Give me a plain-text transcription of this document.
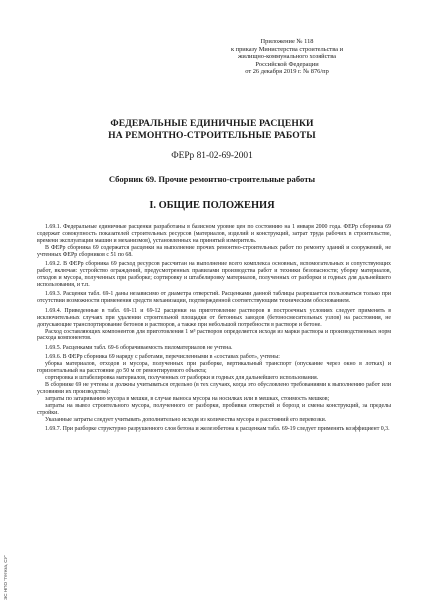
Приложение № 118
к приказу Министерства строительства и
жилищно-коммунального хозяйства
Российской Федерации
от 26 декабря 2019 г. № 876/пр
ФЕДЕРАЛЬНЫЕ ЕДИНИЧНЫЕ РАСЦЕНКИ
НА РЕМОНТНО-СТРОИТЕЛЬНЫЕ РАБОТЫ
ФЕРр 81-02-69-2001
Сборник 69. Прочие ремонтно-строительные работы
I. ОБЩИЕ ПОЛОЖЕНИЯ

1.69.1. Федеральные единичные расценки разработаны в базисном уровне цен по состоянию на 1 января 2000 года. ФЕРр сборника 69 содержат совокупность показателей строительных ресурсов (материалов, изделий и конструкций, затрат труда рабочих в строительстве, времени эксплуатации машин и механизмов), установленных на принятый измеритель.

В ФЕРр сборника 69 содержатся расценки на выполнение прочих ремонтно-строительных работ по ремонту зданий и сооружений, не учтенных ФЕРр сборников с 51 по 68.

1.69.2. В ФЕРр сборника 69 расход ресурсов рассчитан на выполнение всего комплекса основных, вспомогательных и сопутствующих работ, включая: устройство ограждений, предусмотренных правилами производства работ и техники безопасности; уборку материалов, отходов и мусора, полученных при разборке; сортировку и штабелировку материалов, полученных от разборки и годных для дальнейшего использования, и т.п.

1.69.3. Расценки табл. 69-1 даны независимо от диаметра отверстий. Расценками данной таблицы разрешается пользоваться только при отсутствии возможности применения средств механизации, подтвержденной соответствующим техническим обоснованием.

1.69.4. Приведенные в табл. 69-11 и 69-12 расценки на приготовление растворов в построечных условиях следует применять в исключительных случаях при удалении строительной площадки от бетонных заводов (бетоносмесительных узлов) на расстояния, не допускающие транспортирование бетонов и растворов, а также при небольшой потребности в растворе и бетоне.

Расход составляющих компонентов для приготовления 1 м³ растворов определяется исходя из марки раствора и производственных норм расхода компонентов.

1.69.5. Расценками табл. 69-6 оборачиваемость пиломатериалов не учтена.

1.69.6. В ФЕРр сборника 69 наряду с работами, перечисленными в «составах работ», учтены:

уборка материалов, отходов и мусора, полученных при разборке, вертикальный транспорт (опускание через окно в лотках) и горизонтальный на расстояние до 50 м от ремонтируемого объекта;

сортировка и штабелировка материалов, полученных от разборки и годных для дальнейшего использования.

В сборнике 69 не учтены и должны учитываться отдельно (в тех случаях, когда это обусловлено требованиями к выполнению работ или условиями их производства):

затраты по затариванию мусора в мешки, в случае выноса мусора на носилках или в мешках, стоимость мешков;

затраты на вывоз строительного мусора, полученного от разборки, пробивки отверстий и борозд и смены конструкций, за пределы стройки.

Указанные затраты следует учитывать дополнительно исходя из количества мусора и расстояний его перевозки.

1.69.7. При разборке структурно разрушенного слоя бетона и железобетона к расценкам табл. 69-19 следует применять коэффициент 0,3.

ЭС НПО "Гетеза, СУ"
